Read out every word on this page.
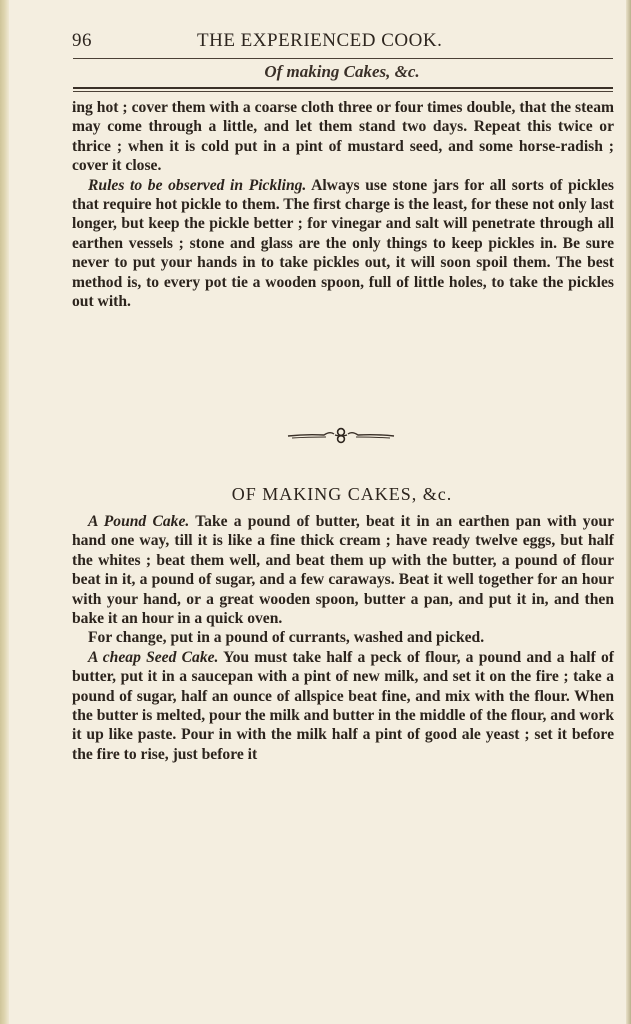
96	THE EXPERIENCED COOK.
Of making Cakes, &c.
ing hot ; cover them with a coarse cloth three or four times double, that the steam may come through a little, and let them stand two days. Repeat this twice or thrice ; when it is cold put in a pint of mustard seed, and some horse-radish ; cover it close.
Rules to be observed in Pickling. Always use stone jars for all sorts of pickles that require hot pickle to them. The first charge is the least, for these not only last longer, but keep the pickle better ; for vinegar and salt will penetrate through all earthen vessels ; stone and glass are the only things to keep pickles in. Be sure never to put your hands in to take pickles out, it will soon spoil them. The best method is, to every pot tie a wooden spoon, full of little holes, to take the pickles out with.
OF MAKING CAKES, &c.
A Pound Cake. Take a pound of butter, beat it in an earthen pan with your hand one way, till it is like a fine thick cream ; have ready twelve eggs, but half the whites ; beat them well, and beat them up with the butter, a pound of flour beat in it, a pound of sugar, and a few caraways. Beat it well together for an hour with your hand, or a great wooden spoon, butter a pan, and put it in, and then bake it an hour in a quick oven.
For change, put in a pound of currants, washed and picked.
A cheap Seed Cake. You must take half a peck of flour, a pound and a half of butter, put it in a saucepan with a pint of new milk, and set it on the fire ; take a pound of sugar, half an ounce of allspice beat fine, and mix with the flour. When the butter is melted, pour the milk and butter in the middle of the flour, and work it up like paste. Pour in with the milk half a pint of good ale yeast ; set it before the fire to rise, just before it
